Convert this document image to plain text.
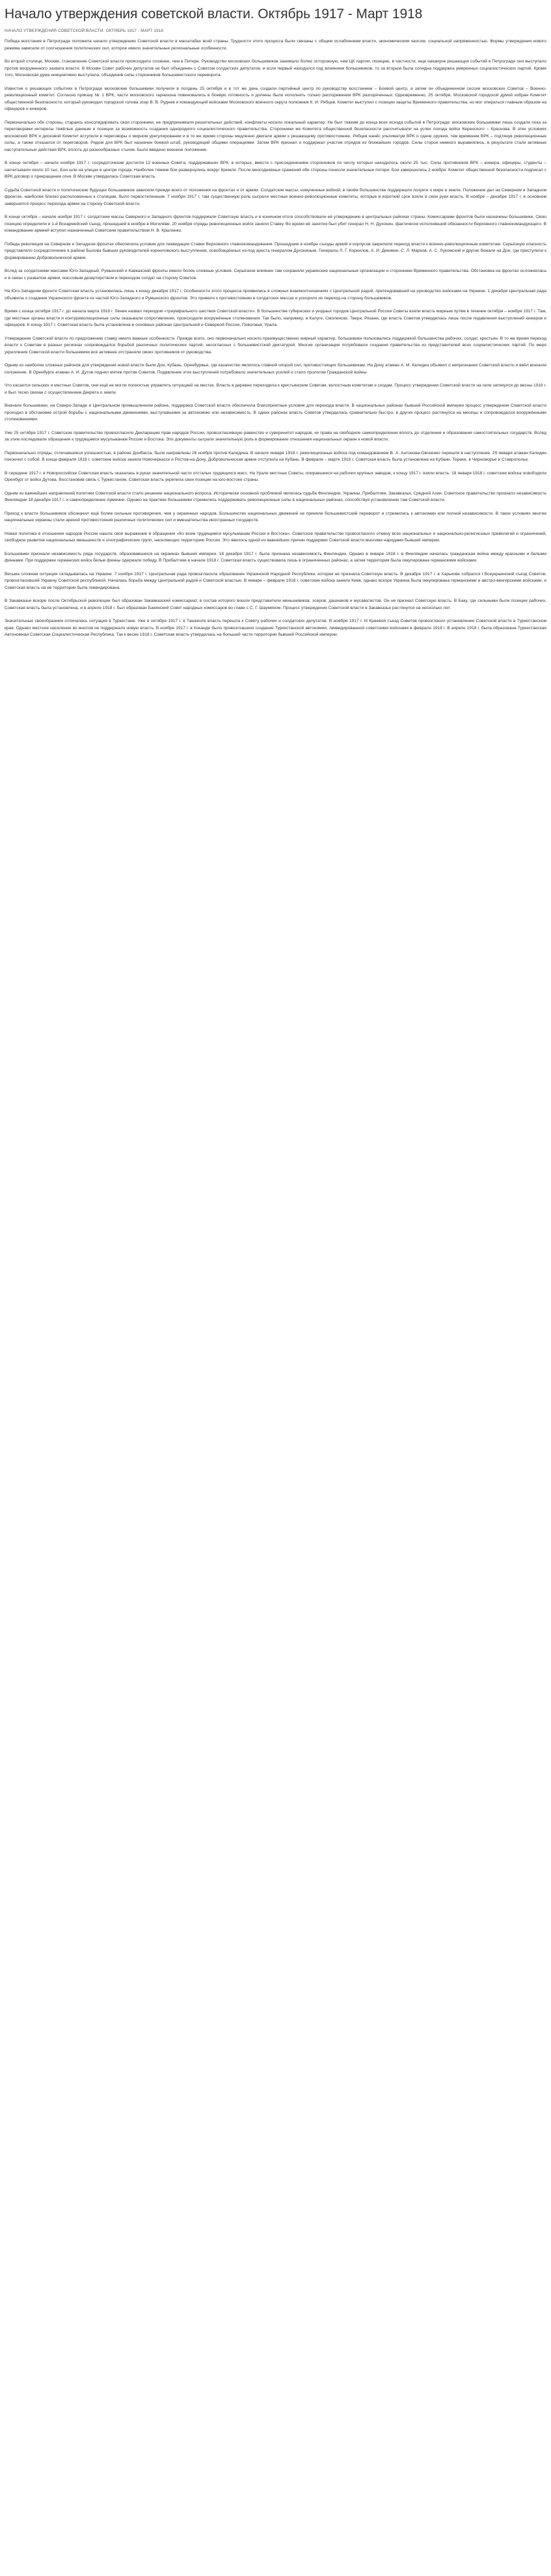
Начало утверждения советской власти. Октябрь 1917 - Март 1918
НАЧАЛО УТВЕРЖДЕНИЯ СОВЕТСКОЙ ВЛАСТИ. ОКТЯБРЬ 1917 - МАРТ 1918

Победа восстания в Петрограде положила начало утверждению Советской власти в масштабах всей страны. Трудности этого процесса были связаны с общим ослаблением власти, экономическим хаосом, социальной напряженностью. Формы утверждения нового режима зависели от соотношения политических сил, которое имело значительные региональные особенности.

Во второй столице, Москве, становление Советской власти происходило сложнее, чем в Питере. Руководство московских большевиков занимало более осторожную, чем ЦК партии, позицию, в частности, еще накануне решающих событий в Петрограде оно выступало против вооруженного захвата власти. В Москве Совет рабочих депутатов не был объединен с Советом солдатских депутатов, и если первый находился под влиянием большевиков, то за вторым была солидна поддержка умеренных социалистических партий. Кроме того, Московская дума инициативно выступала, объединив силы сторонников большевистского переворота.

Известие о решающих событиях в Петрограде московские большевики получили в полдень 25 октября и в тот же день создали партийный центр по руководству восстанием – Боевой центр, а затем он объединенном сессии московских Советов – Военно-революционный комитет. Согласно приказу № 1 ВРК, части московского гарнизона повиновались в боевую готовность и должны были исполнять только распоряжения ВРК разгоряченных. Одновременно, 25 октября, Московской городской думой избран Комитет общественной безопасности, который руководил городской голова эсер В. В. Руднев и командующий войсками Московского военного округа полковник К. И. Рябцев. Комитет выступил с позиции защиты Временного правительства, но мог опираться главным образом на офицеров и юнкеров.

Первоначально обе стороны, стараясь консолидировать свои сторонники, не предпринимали решительных действий, конфликты носили локальный характер. Не был тяжким до конца всех исхода событий в Петрограде: московские большевики лишь создали пока за переговорами интересы тяжёлые данным и позиции за возможность создания однородного социалистического правительства. Сторонники же Комитета общественной безопасности рассчитывали на успех похода войск Керенского – Краснова. В этих условиях московский ВРК и дисковой Комитет вступили в переговоры о мирном урегулировании и в то же время стороны медленно двигали армии к решающему противостоянию. Рябцев нанёс ультиматум ВРК о сдаче оружия, тем временем ВРК – подтянув революционные силы, а также отказался от переговоров. Рядом для ВРК был назначен боевой штаб, руководящий общими операциями. Затем ВРК признал и поддержал участие отрядов из ближайших городов. Силы сторон немного выравнялись, в результате стали активные наступательные действия ВРК, вплоть до разнообразных стычек. Было введено военное положение.

В конце октября – начале ноября 1917 г. сосредоточение достигли 12 военных Совета, поддержавших ВРК, в которых, вместе с присоединением сторонников по числу которых находилось около 25 тыс. Силы противников ВРК – юнкера, офицеры, студенты – насчитывали около 10 тыс. Бои шли на улицах в центре города. Наиболее тяжкие бои развернулись вокруг Кремля. После многодневных сражений обе стороны понесли значительные потери. Бои завершились 2 ноября: Комитет общественной безопасности подписал с ВРК договор о прекращении огня. В Москве утвердилась Советская власть.

Судьба Советской власти и политические будущее большевиков зависели прежде всего от положения на фронтах и от армии. Солдатские массы, измученные войной, в своём большинстве поддержали лозунги о мире и земле. Положение дел на Северном и Западном фронтах, наиболее близко расположенных к столицам, было первостепенным. 7 ноября 1917 г. там существенную роль сыграли местные военно-революционные комитеты, которые в короткий срок взяли в свои руки власть. В ноябре – декабре 1917 г. в основном завершился процесс перехода армии на сторону Советской власти.

В конце октября – начале ноября 1917 г. солдатские массы Северного и Западного фронтов поддержали Советскую власть и в конечном итоге способствовали её утверждению в центральных районах страны. Комиссарами фронтов были назначены большевики. Свою позицию определили и 1-й Всеармейский съезд, прошедший в ноябре в Могилёве. 20 ноября отряды революционных войск заняли Ставку. Во время её занятия был убит генерал Н. Н. Духонин, фактически исполнявший обязанности Верховного главнокомандующего. В командование армией вступил назначенный Советским правительством Н. В. Крыленко.

Победа революции на Северном и Западном фронтах обеспечила условия для ликвидации Ставки Верховного главнокомандования. Прошедшие в ноябре съезды армий и корпусов закрепили переход власти к военно-революционным комитетам. Серьёзную опасность представляло сосредоточение в районе Быхова бывших руководителей корниловского выступления, освобождённых из-под ареста генералом Духониным. Генералы Л. Г. Корнилов, А. И. Деникин, С. Л. Марков, А. С. Лукомский и другие бежали на Дон, где приступили к формированию Добровольческой армии.

Вслед за солдатскими массами Юго-Западный, Румынский и Кавказский фронты имели более сложные условия. Серьёзное влияние там сохраняли украинские национальные организации и сторонники Временного правительства. Обстановка на фронтах осложнялась и в связи с развалом армии, массовым дезертирством и переходом солдат на сторону Советов.

На Юго-Западном фронте Советская власть установилась лишь к концу декабря 1917 г. Особенности этого процесса проявились в сложных взаимоотношениях с Центральной радой, претендовавшей на руководство войсками на Украине. 1 декабря Центральная рада объявила о создании Украинского фронта из частей Юго-Западного и Румынского фронтов. Это привело к противостоянию в солдатских массах и ускорило их переход на сторону большевиков.

Время с конца октября 1917 г. до начала марта 1918 г. Ленин назвал периодом «триумфального шествия Советской власти». В большинстве губернских и уездных городов Центральной России Советы взяли власть мирным путём в течение октября – ноября 1917 г. Там, где местные органы власти и контрреволюционные силы оказывали сопротивление, происходили вооружённые столкновения. Так было, например, в Калуге, Смоленске, Твери, Рязани, где власть Советов утвердилась лишь после подавления выступлений юнкеров и офицеров. К концу 1917 г. Советская власть была установлена в основных районах Центральной и Северной России, Поволжья, Урала.

Утверждение Советской власти по предложению ставку имело важные особенности. Прежде всего, оно первоначально носило преимущественно мирный характер, большевики пользовались поддержкой большинства рабочих, солдат, крестьян. В то же время переход власти к Советам в разных регионах сопровождался борьбой различных политических партий, несогласных с большевистской диктатурой. Многие организации потребовали создания правительства из представителей всех социалистических партий. По мере укрепления Советской власти большевики всё активнее отстраняли своих противников от руководства.

Одним из наиболее сложных районов для утверждения новой власти были Дон, Кубань, Оренбуржье, где казачество являлось главной опорой сил, противостоящих большевикам. На Дону атаман А. М. Каледин объявил о непризнании Советской власти и ввёл военное положение. В Оренбурге атаман А. И. Дутов поднял мятеж против Советов. Подавление этих выступлений потребовало значительных усилий и стало прологом Гражданской войны.

Что касается сельских и местных Советов, они ещё не могли полностью управлять ситуацией на местах. Власть в деревне переходила к крестьянским Советам, волостным комитетам и сходам. Процесс утверждения Советской власти на селе затянулся до весны 1918 г. и был тесно связан с осуществлением Декрета о земле.

Вначале большевики, на Северо-Западе и Центральном промышленном районе, поддержка Советской власти обеспечила благоприятные условия для перехода власти. В национальных районах бывшей Российской империи процесс утверждения Советской власти проходил в обстановке острой борьбы с национальными движениями, выступавшими за автономию или независимость. В одних районах власть Советов утвердилась сравнительно быстро, в других процесс растянулся на месяцы и сопровождался вооружёнными столкновениями.

Уже 25 октября 1917 г. Советское правительство провозгласило Декларацию прав народов России, провозгласившую равенство и суверенитет народов, их право на свободное самоопределение вплоть до отделения и образования самостоятельных государств. Вслед за этим последовали обращения к трудящимся мусульманам России и Востока. Эти документы сыграли значительную роль в формировании отношения национальных окраин к новой власти.

Первоначально отряды, отличавшиеся успешностью, в районе Донбасса, были направлены 28 ноября против Каледина. В начале января 1918 г. революционные войска под командованием В. А. Антонова-Овсеенко перешли в наступление. 29 января атаман Каледин покончил с собой. В конце февраля 1918 г. советские войска заняли Новочеркасск и Ростов-на-Дону. Добровольческая армия отступила на Кубань. В феврале – марте 1918 г. Советская власть была установлена на Кубани, Тереке, в Черноморье и Ставрополье.

В середине 1917 г. в Новороссийске Советская власть оказалась в руках значительной части отсталых трудящихся масс. На Урале местные Советы, опиравшиеся на рабочих крупных заводов, к концу 1917 г. взяли власть. 18 января 1918 г. советские войска освободили Оренбург от войск Дутова. Восстановив связь с Туркестаном, Советская власть укрепила свои позиции на юго-востоке страны.

Одним из важнейших направлений политики Советской власти стало решение национального вопроса. Исторически основной проблемой являлась судьба Финляндии, Украины, Прибалтики, Закавказья, Средней Азии. Советское правительство признало независимость Финляндии 18 декабря 1917 г. и самоопределение Армении. Однако на практике большевики стремились поддерживать революционные силы в национальных районах, способствуя установлению там Советской власти.

Приход к власти большевиков обозначил ещё более сильные противоречия, чем у окраинных народов. Большинство национальных движений не приняли большевистский переворот и стремились к автономии или полной независимости. В таких условиях многие национальные окраины стали ареной противостояния различных политических сил и вмешательства иностранных государств.

Новая политика в отношении народов России нашла своё выражение в обращении «Ко всем трудящимся мусульманам России и Востока». Советское правительство провозгласило отмену всех национальных и национально-религиозных привилегий и ограничений, свободное развитие национальных меньшинств и этнографических групп, населяющих территорию России. Это явилось одной из важнейших причин поддержки Советской власти многими народами бывшей империи.

Большевики признали независимость ряда государств, образовавшихся на окраинах бывшей империи. 18 декабря 1917 г. была признана независимость Финляндии. Однако в январе 1918 г. в Финляндии началась гражданская война между красными и белыми финнами. При поддержке германских войск белые финны одержали победу. В Прибалтике в начале 1918 г. Советская власть существовала лишь в ограниченных районах, а затем территория была оккупирована германскими войсками.

Весьма сложная ситуация складывалась на Украине. 7 ноября 1917 г. Центральная рада провозгласила образование Украинской Народной Республики, которая не признала Советскую власть. В декабре 1917 г. в Харькове собрался I Всеукраинский съезд Советов, провозгласивший Украину Советской республикой. Началась борьба между Центральной радой и Советской властью. В январе – феврале 1918 г. советские войска заняли Киев, однако вскоре Украина была оккупирована германскими и австро-венгерскими войсками, и Советская власть на её территории была ликвидирована.

В Закавказье вскоре после Октябрьской революции был образован Закавказский комиссариат, в состав которого вошли представители меньшевиков, эсеров, дашнаков и мусаватистов. Он не признал Советскую власть. В Баку, где сильными были позиции рабочих, Советская власть была установлена, и в апреле 1918 г. был образован Бакинский Совет народных комиссаров во главе с С. Г. Шаумяном. Процесс утверждения Советской власти в Закавказье растянулся на несколько лет.

Значительные своеобразием отличалась ситуация в Туркестане. Уже в октябре 1917 г. в Ташкенте власть перешла к Совету рабочих и солдатских депутатов. В ноябре 1917 г. III Краевой съезд Советов провозгласил установление Советской власти в Туркестанском крае. Однако местное население во многом не поддержало новую власть. В ноябре 1917 г. в Коканде было провозглашено создание Туркестанской автономии, ликвидированной советскими войсками в феврале 1918 г. В апреле 1918 г. была образована Туркестанская Автономная Советская Социалистическая Республика. Так к весне 1918 г. Советская власть утвердилась на большей части территории бывшей Российской империи.
